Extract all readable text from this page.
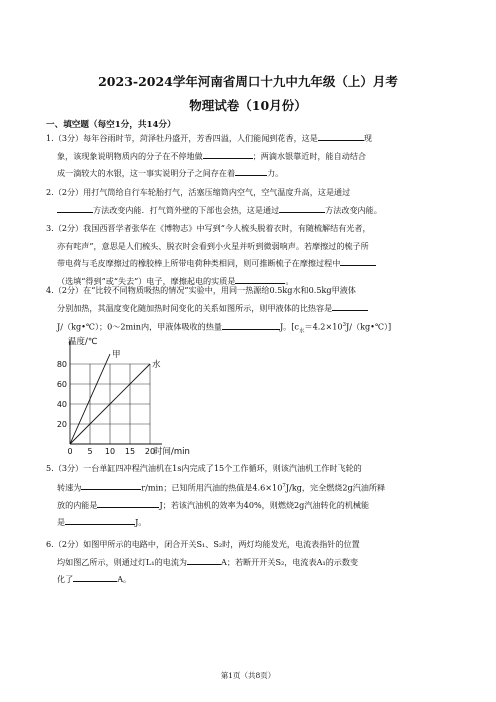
2023-2024学年河南省周口十九中九年级（上）月考
物理试卷（10月份）
一、填空题（每空1分，共14分）
1.（3分）每年谷雨时节，菏泽牡丹盛开，芳香四溢，人们能闻到花香，这是	现
象，该现象说明物质内的分子在不停地做	；两滴水银靠近时，能自动结合
成一滴较大的水银，这一事实说明分子之间存在着	力。
2.（2分）用打气筒给自行车轮胎打气，活塞压缩筒内空气，空气温度升高，这是通过
方法改变内能．打气筒外壁的下部也会热，这是通过	方法改变内能。
3.（2分）我国西晋学者张华在《博物志》中写到“今人梳头脱着衣时，有随梳解结有光者，
亦有咤声”，意思是人们梳头、脱衣时会看到小火星并听到微弱响声。若摩擦过的梳子所
带电荷与毛皮摩擦过的橡胶棒上所带电荷种类相同，则可推断梳子在摩擦过程中
（选填“得到”或“失去”）电子，摩擦起电的实质是	。
4.（2分）在“比较不同物质吸热的情况”实验中，用同一热源给0.5kg水和0.5kg甲液体
分别加热，其温度变化随加热时间变化的关系如图所示，则甲液体的比热容是
J/（kg•℃）；0～2min内，甲液体吸收的热量	J。$[c_水=4.2\times 10^3J/(kg•℃)]$
甲
水
20
40
60
80
0 5 10 15 20
温度/℃
时间/min
5.（3分）一台单缸四冲程汽油机在1s内完成了15个工作循环，则该汽油机工作时飞轮的
转速为	r/min；已知所用汽油的热值是$4.6\times 10^7J/kg$，完全燃烧2g汽油所释
放的内能是	J；若该汽油机的效率为40%，则燃烧2g汽油转化的机械能
是	J。
6.（2分）如图甲所示的电路中，闭合开关S₁、S₂时，两灯均能发光，电流表指针的位置
均如图乙所示，则通过灯L₁的电流为	A；若断开开关S₂，电流表A₁的示数变
化了	A。
第1页（共8页）
